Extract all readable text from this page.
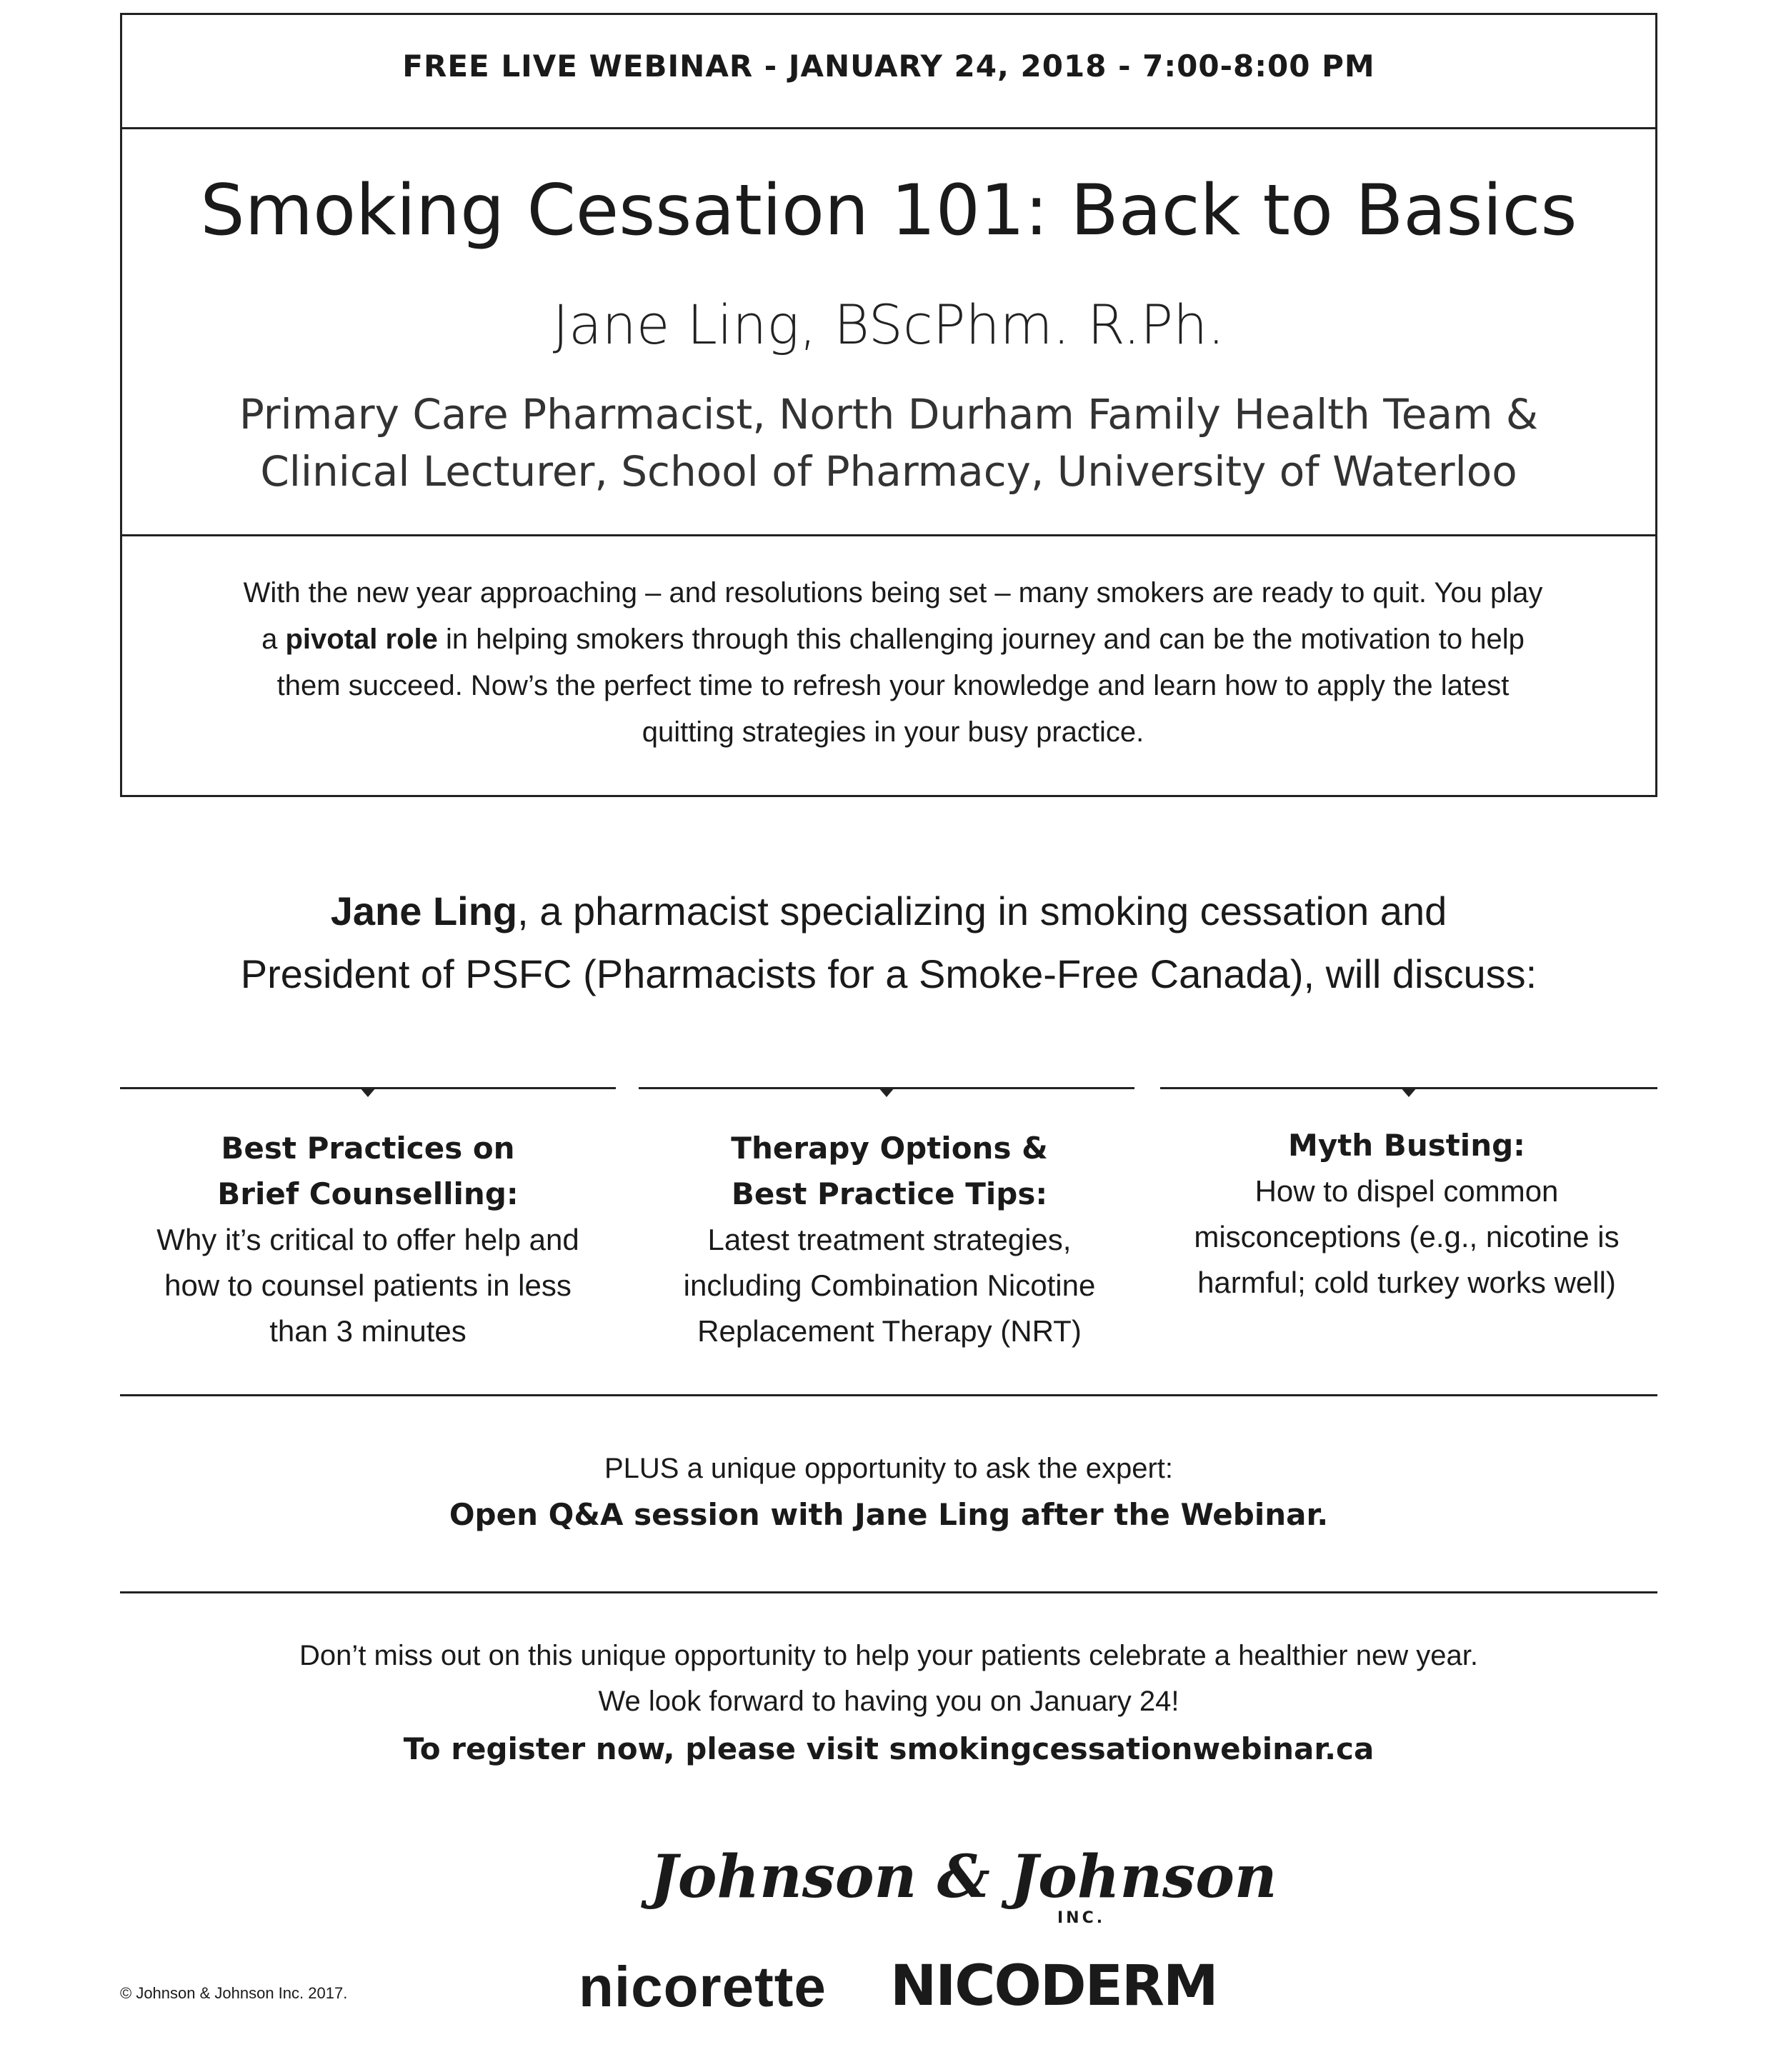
FREE LIVE WEBINAR - JANUARY 24, 2018 - 7:00-8:00 PM
Smoking Cessation 101: Back to Basics
Jane Ling, BScPhm. R.Ph.
Primary Care Pharmacist, North Durham Family Health Team &
Clinical Lecturer, School of Pharmacy, University of Waterloo
With the new year approaching – and resolutions being set – many smokers are ready to quit. You play
a pivotal role in helping smokers through this challenging journey and can be the motivation to help
them succeed. Now’s the perfect time to refresh your knowledge and learn how to apply the latest
quitting strategies in your busy practice.
Jane Ling, a pharmacist specializing in smoking cessation and
President of PSFC (Pharmacists for a Smoke-Free Canada), will discuss:
Best Practices on
Brief Counselling:
Why it’s critical to offer help and
how to counsel patients in less
than 3 minutes
Therapy Options &
Best Practice Tips:
Latest treatment strategies,
including Combination Nicotine
Replacement Therapy (NRT)
Myth Busting:
How to dispel common
misconceptions (e.g., nicotine is
harmful; cold turkey works well)
PLUS a unique opportunity to ask the expert:
Open Q&A session with Jane Ling after the Webinar.
Don’t miss out on this unique opportunity to help your patients celebrate a healthier new year.
We look forward to having you on January 24!
To register now, please visit smokingcessationwebinar.ca
Johnson & Johnson
INC.
nicorette NICODERM
© Johnson & Johnson Inc. 2017.
